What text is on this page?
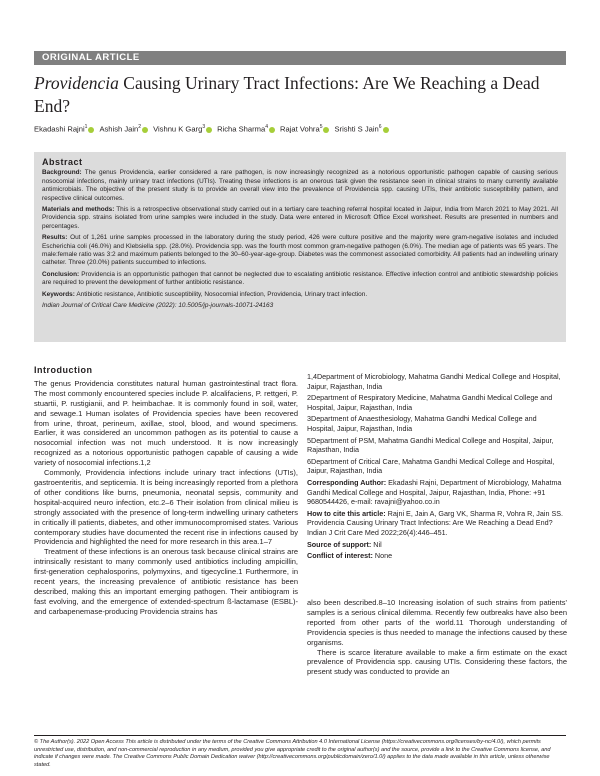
ORIGINAL ARTICLE
Providencia Causing Urinary Tract Infections: Are We Reaching a Dead End?
Ekadashi Rajni$^1$	Ashish Jain$^2$	Vishnu K Garg$^3$	Richa Sharma$^4$	Rajat Vohra$^5$	Srishti S Jain$^6$
Abstract

Background: The genus Providencia, earlier considered a rare pathogen, is now increasingly recognized as a notorious opportunistic pathogen capable of causing serious nosocomial infections, mainly urinary tract infections (UTIs). Treating these infections is an onerous task given the resistance seen in clinical strains to many currently available antimicrobials. The objective of the present study is to provide an overall view into the prevalence of Providencia spp. causing UTIs, their antibiotic susceptibility pattern, and respective clinical outcomes.

Materials and methods: This is a retrospective observational study carried out in a tertiary care teaching referral hospital located in Jaipur, India from March 2021 to May 2021. All Providencia spp. strains isolated from urine samples were included in the study. Data were entered in Microsoft Office Excel worksheet. Results are presented in numbers and percentages.

Results: Out of 1,261 urine samples processed in the laboratory during the study period, 426 were culture positive and the majority were gram-negative isolates and included Escherichia coli (46.0%) and Klebsiella spp. (28.0%). Providencia spp. was the fourth most common gram-negative pathogen (6.0%). The median age of patients was 65 years. The male:female ratio was 3:2 and maximum patients belonged to the 30–60-year-age-group. Diabetes was the commonest associated comorbidity. All patients had an indwelling urinary catheter. Three (20.0%) patients succumbed to infections.

Conclusion: Providencia is an opportunistic pathogen that cannot be neglected due to escalating antibiotic resistance. Effective infection control and antibiotic stewardship policies are required to prevent the development of further antibiotic resistance.

Keywords: Antibiotic resistance, Antibiotic susceptibility, Nosocomial infection, Providencia, Urinary tract infection.

Indian Journal of Critical Care Medicine (2022): 10.5005/jp-journals-10071-24163

Introduction

The genus Providencia constitutes natural human gastrointestinal tract flora. The most commonly encountered species include P. alcalifaciens, P. rettgeri, P. stuartii, P. rustigianii, and P. heimbachae. It is commonly found in soil, water, and sewage.1 Human isolates of Providencia species have been recovered from urine, throat, perineum, axillae, stool, blood, and wound specimens. Earlier, it was considered an uncommon pathogen as its potential to cause a nosocomial infection was not much understood. It is now increasingly recognized as a notorious opportunistic pathogen capable of causing a wide variety of nosocomial infections.1,2

Commonly, Providencia infections include urinary tract infections (UTIs), gastroenteritis, and septicemia. It is being increasingly reported from a plethora of other conditions like burns, pneumonia, neonatal sepsis, community and hospital-acquired neuro infection, etc.2–6 Their isolation from clinical milieu is strongly associated with the presence of long-term indwelling urinary catheters in critically ill patients, diabetes, and other immunocompromised states. Various contemporary studies have documented the recent rise in infections caused by Providencia and highlighted the need for more research in this area.1–7

Treatment of these infections is an onerous task because clinical strains are intrinsically resistant to many commonly used antibiotics including ampicillin, first-generation cephalosporins, polymyxins, and tigecycline.1 Furthermore, in recent years, the increasing prevalence of antibiotic resistance has been described, making this an important emerging pathogen. Their antibiogram is fast evolving, and the emergence of extended-spectrum ß-lactamase (ESBL)- and carbapenemase-producing Providencia strains has

1,4Department of Microbiology, Mahatma Gandhi Medical College and Hospital, Jaipur, Rajasthan, India

2Department of Respiratory Medicine, Mahatma Gandhi Medical College and Hospital, Jaipur, Rajasthan, India

3Department of Anaesthesiology, Mahatma Gandhi Medical College and Hospital, Jaipur, Rajasthan, India

5Department of PSM, Mahatma Gandhi Medical College and Hospital, Jaipur, Rajasthan, India

6Department of Critical Care, Mahatma Gandhi Medical College and Hospital, Jaipur, Rajasthan, India

Corresponding Author: Ekadashi Rajni, Department of Microbiology, Mahatma Gandhi Medical College and Hospital, Jaipur, Rajasthan, India, Phone: +91 9680544426, e-mail: ravajni@yahoo.co.in

How to cite this article: Rajni E, Jain A, Garg VK, Sharma R, Vohra R, Jain SS. Providencia Causing Urinary Tract Infections: Are We Reaching a Dead End? Indian J Crit Care Med 2022;26(4):446–451.

Source of support: Nil

Conflict of interest: None

also been described.8–10 Increasing isolation of such strains from patients' samples is a serious clinical dilemma. Recently few outbreaks have also been reported from other parts of the world.11 Thorough understanding of Providencia species is thus needed to manage the infections caused by these organisms.

There is scarce literature available to make a firm estimate on the exact prevalence of Providencia spp. causing UTIs. Considering these factors, the present study was conducted to provide an

© The Author(s). 2022 Open Access This article is distributed under the terms of the Creative Commons Attribution 4.0 International License (https://creativecommons.org/licenses/by-nc/4.0/), which permits unrestricted use, distribution, and non-commercial reproduction in any medium, provided you give appropriate credit to the original author(s) and the source, provide a link to the Creative Commons license, and indicate if changes were made. The Creative Commons Public Domain Dedication waiver (http://creativecommons.org/publicdomain/zero/1.0/) applies to the data made available in this article, unless otherwise stated.
